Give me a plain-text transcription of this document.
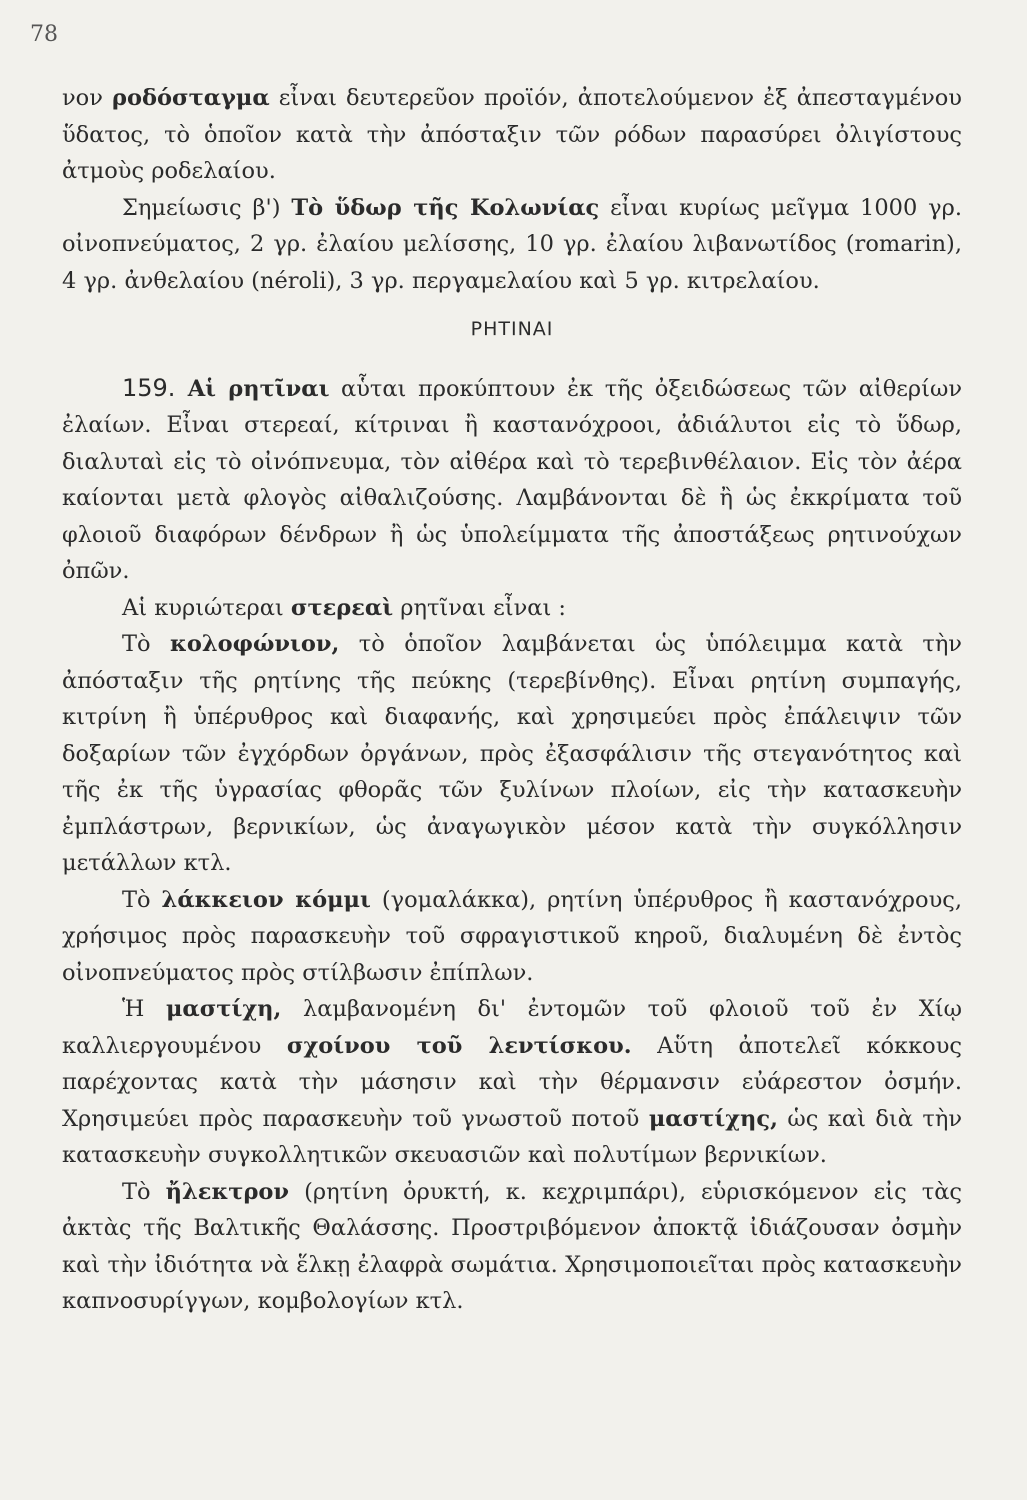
78

νον ροδόσταγμα εἶναι δευτερεῦον προϊόν, ἀποτελούμενον ἐξ ἀπεσταγμένου ὕδατος, τὸ ὁποῖον κατὰ τὴν ἀπόσταξιν τῶν ρόδων παρασύρει ὀλιγίστους ἀτμοὺς ροδελαίου.

Σημείωσις β') Τὸ ὕδωρ τῆς Κολωνίας εἶναι κυρίως μεῖγμα 1000 γρ. οἰνοπνεύματος, 2 γρ. ἐλαίου μελίσσης, 10 γρ. ἐλαίου λιβανωτίδος (romarin), 4 γρ. ἀνθελαίου (néroli), 3 γρ. περγαμελαίου καὶ 5 γρ. κιτρελαίου.

ΡΗΤΙΝΑΙ

159. Αἱ ρητῖναι αὗται προκύπτουν ἐκ τῆς ὀξειδώσεως τῶν αἰθερίων ἐλαίων. Εἶναι στερεαί, κίτριναι ἢ καστανόχροοι, ἀδιάλυτοι εἰς τὸ ὕδωρ, διαλυταὶ εἰς τὸ οἰνόπνευμα, τὸν αἰθέρα καὶ τὸ τερεβινθέλαιον. Εἰς τὸν ἀέρα καίονται μετὰ φλογὸς αἰθαλιζούσης. Λαμβάνονται δὲ ἢ ὡς ἐκκρίματα τοῦ φλοιοῦ διαφόρων δένδρων ἢ ὡς ὑπολείμματα τῆς ἀποστάξεως ρητινούχων ὀπῶν.

Αἱ κυριώτεραι στερεαὶ ρητῖναι εἶναι :

Τὸ κολοφώνιον, τὸ ὁποῖον λαμβάνεται ὡς ὑπόλειμμα κατὰ τὴν ἀπόσταξιν τῆς ρητίνης τῆς πεύκης (τερεβίνθης). Εἶναι ρητίνη συμπαγής, κιτρίνη ἢ ὑπέρυθρος καὶ διαφανής, καὶ χρησιμεύει πρὸς ἐπάλειψιν τῶν δοξαρίων τῶν ἐγχόρδων ὀργάνων, πρὸς ἐξασφάλισιν τῆς στεγανότητος καὶ τῆς ἐκ τῆς ὑγρασίας φθορᾶς τῶν ξυλίνων πλοίων, εἰς τὴν κατασκευὴν ἐμπλάστρων, βερνικίων, ὡς ἀναγωγικὸν μέσον κατὰ τὴν συγκόλλησιν μετάλλων κτλ.

Τὸ λάκκειον κόμμι (γομαλάκκα), ρητίνη ὑπέρυθρος ἢ καστανόχρους, χρήσιμος πρὸς παρασκευὴν τοῦ σφραγιστικοῦ κηροῦ, διαλυμένη δὲ ἐντὸς οἰνοπνεύματος πρὸς στίλβωσιν ἐπίπλων.

Ἡ μαστίχη, λαμβανομένη δι' ἐντομῶν τοῦ φλοιοῦ τοῦ ἐν Χίῳ καλλιεργουμένου σχοίνου τοῦ λεντίσκου. Αὕτη ἀποτελεῖ κόκκους παρέχοντας κατὰ τὴν μάσησιν καὶ τὴν θέρμανσιν εὐάρεστον ὀσμήν. Χρησιμεύει πρὸς παρασκευὴν τοῦ γνωστοῦ ποτοῦ μαστίχης, ὡς καὶ διὰ τὴν κατασκευὴν συγκολλητικῶν σκευασιῶν καὶ πολυτίμων βερνικίων.

Τὸ ἤλεκτρον (ρητίνη ὀρυκτή, κ. κεχριμπάρι), εὑρισκόμενον εἰς τὰς ἀκτὰς τῆς Βαλτικῆς Θαλάσσης. Προστριβόμενον ἀποκτᾷ ἰδιάζουσαν ὀσμὴν καὶ τὴν ἰδιότητα νὰ ἕλκῃ ἐλαφρὰ σωμάτια. Χρησιμοποιεῖται πρὸς κατασκευὴν καπνοσυρίγγων, κομβολογίων κτλ.
